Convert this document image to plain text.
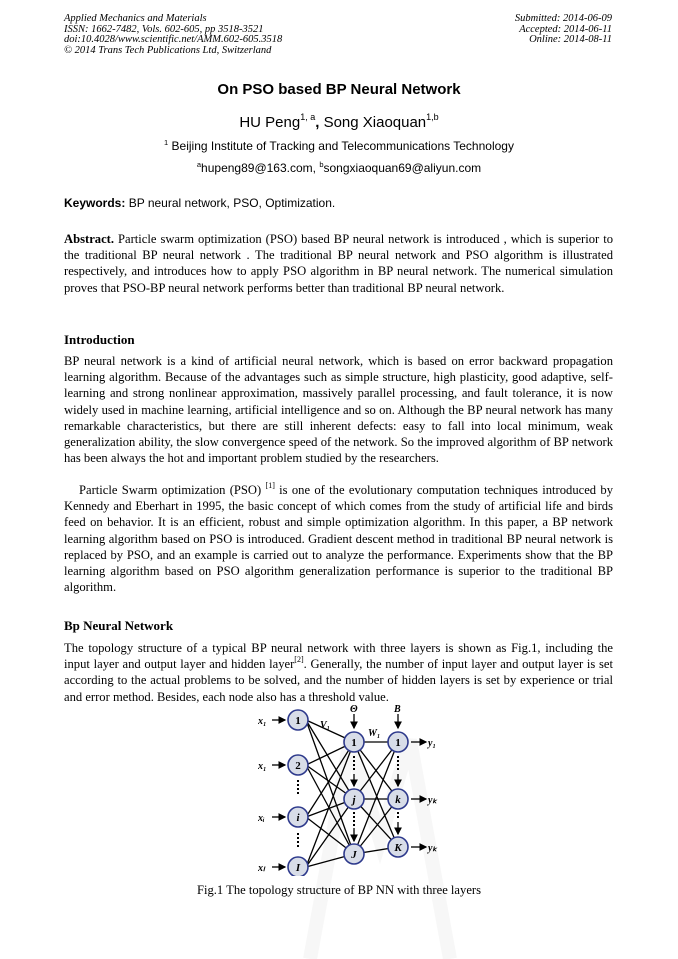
Applied Mechanics and Materials
ISSN: 1662-7482, Vols. 602-605, pp 3518-3521
doi:10.4028/www.scientific.net/AMM.602-605.3518
© 2014 Trans Tech Publications Ltd, Switzerland
Submitted: 2014-06-09
Accepted: 2014-06-11
Online: 2014-08-11
On PSO based BP Neural Network
HU Peng$^{1, a}$, Song Xiaoquan$^{1,b}$
$^1$ Beijing Institute of Tracking and Telecommunications Technology
$^a$hupeng89@163.com, $^b$songxiaoquan69@aliyun.com
Keywords: BP neural network, PSO, Optimization.
Abstract. Particle swarm optimization (PSO) based BP neural network is introduced , which is superior to the traditional BP neural network . The traditional BP neural network and PSO algorithm is illustrated respectively, and introduces how to apply PSO algorithm in BP neural network. The numerical simulation proves that PSO-BP neural network performs better than traditional BP neural network.
Introduction
BP neural network is a kind of artificial neural network, which is based on error backward propagation learning algorithm. Because of the advantages such as simple structure, high plasticity, good adaptive, self-learning and strong nonlinear approximation, massively parallel processing, and fault tolerance, it is now widely used in machine learning, artificial intelligence and so on. Although the BP neural network has many remarkable characteristics, but there are still inherent defects: easy to fall into local minimum, weak generalization ability, the slow convergence speed of the network. So the improved algorithm of BP network has been always the hot and important problem studied by the researchers.
Particle Swarm optimization (PSO) [1] is one of the evolutionary computation techniques introduced by Kennedy and Eberhart in 1995, the basic concept of which comes from the study of artificial life and birds feed on behavior. It is an efficient, robust and simple optimization algorithm. In this paper, a BP network learning algorithm based on PSO is introduced. Gradient descent method in traditional BP neural network is replaced by PSO, and an example is carried out to analyze the performance. Experiments show that the BP learning algorithm based on PSO algorithm generalization performance is superior to the traditional BP algorithm.
Bp Neural Network
The topology structure of a typical BP neural network with three layers is shown as Fig.1, including the input layer and output layer and hidden layer[2]. Generally, the number of input layer and output layer is set according to the actual problems to be solved, and the number of hidden layers is set by experience or trial and error method. Besides, each node also has a threshold value.
1
2
i
I
1
j
J
1
k
K
x₁
x₁
xᵢ
xₗ
y₁
yₖ
yₖ
V₁
W₁
Θ	B
Fig.1 The topology structure of BP NN with three layers
